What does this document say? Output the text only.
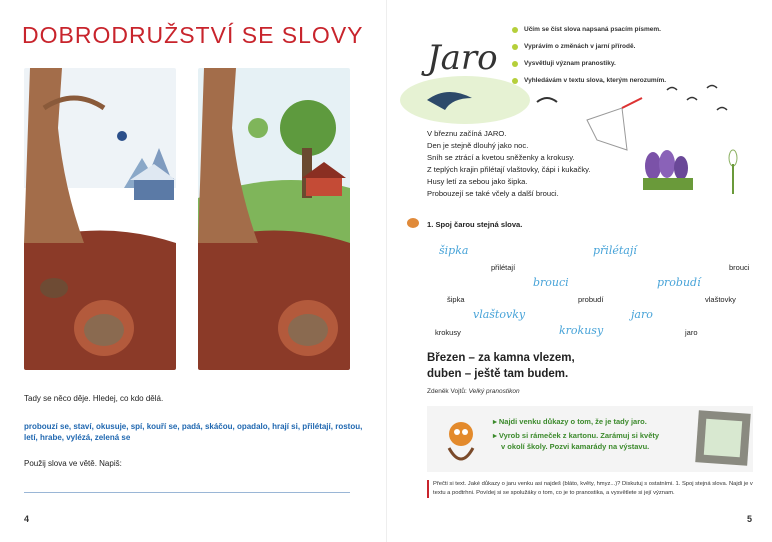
DOBRODRUŽSTVÍ SE SLOVY
Tady se něco děje. Hledej, co kdo dělá.
probouzí se, staví, okusuje, spí, kouří se, padá, skáčou, opadalo, hrají si, přilétají, rostou,
letí, hrabe, vylézá, zelená se
Použij slova ve větě. Napiš:
4
Jaro
Učím se číst slova napsaná psacím písmem.
Vyprávím o změnách v jarní přírodě.
Vysvětluji význam pranostiky.
Vyhledávám v textu slova, kterým nerozumím.
V březnu začíná JARO.
Den je stejně dlouhý jako noc.
Sníh se ztrácí a kvetou sněženky a krokusy.
Z teplých krajin přilétají vlaštovky, čápi i kukačky.
Husy letí za sebou jako šipka.
Probouzejí se také včely a další brouci.
1. Spoj čarou stejná slova.
šipka	přilétají
přilétají	brouci
brouci	probudí
šipka	probudí	vlaštovky
vlaštovky	jaro
krokusy	krokusy	jaro
Březen – za kamna vlezem,
duben – ještě tam budem.
Zdeněk Vojtů: Velký pranostikon
▸ Najdi venku důkazy o tom, že je tady jaro.
▸ Vyrob si rámeček z kartonu. Zarámuj si květy
v okolí školy. Pozvi kamarády na výstavu.
Přečti si text. Jaké důkazy o jaru venku asi najdeš (bláto, květy, hmyz...)? Diskutuj s ostatními. 1. Spoj stejná slova. Najdi je v textu a podtrhni. Povídej si se spolužáky o tom, co je to pranostika, a vysvětlete si její význam.
5
